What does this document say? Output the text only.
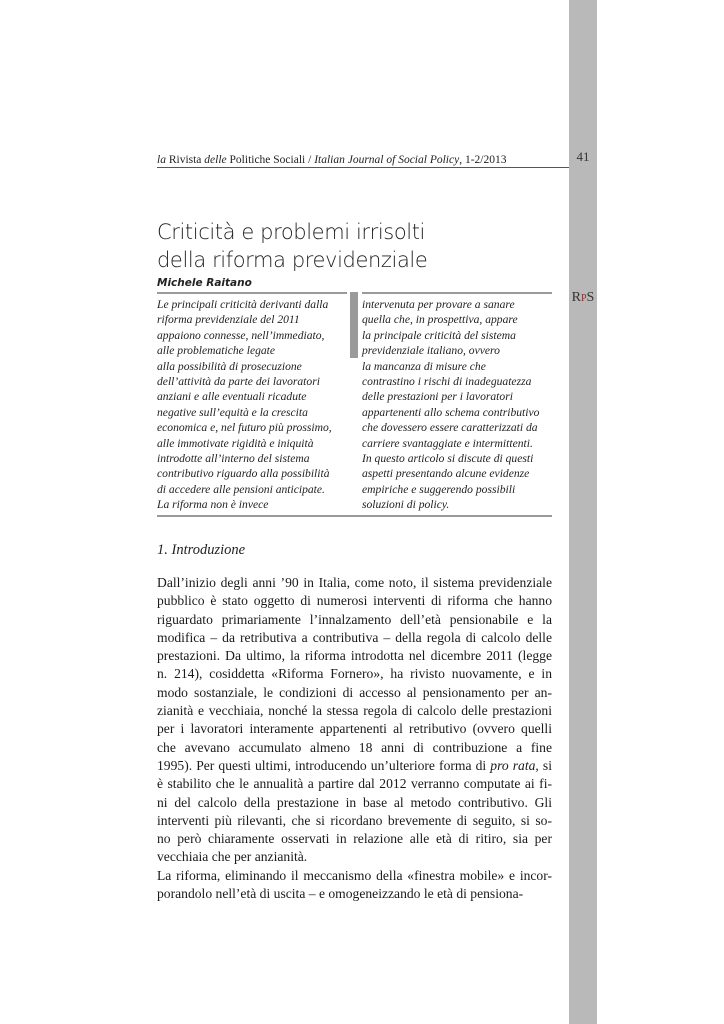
41
RPS
la Rivista delle Politiche Sociali / Italian Journal of Social Policy, 1-2/2013
Criticità e problemi irrisolti
della riforma previdenziale
Michele Raitano
Le principali criticità derivanti dalla
riforma previdenziale del 2011
appaiono connesse, nell’immediato,
alle problematiche legate
alla possibilità di prosecuzione
dell’attività da parte dei lavoratori
anziani e alle eventuali ricadute
negative sull’equità e la crescita
economica e, nel futuro più prossimo,
alle immotivate rigidità e iniquità
introdotte all’interno del sistema
contributivo riguardo alla possibilità
di accedere alle pensioni anticipate.
La riforma non è invece
intervenuta per provare a sanare
quella che, in prospettiva, appare
la principale criticità del sistema
previdenziale italiano, ovvero
la mancanza di misure che
contrastino i rischi di inadeguatezza
delle prestazioni per i lavoratori
appartenenti allo schema contributivo
che dovessero essere caratterizzati da
carriere svantaggiate e intermittenti.
In questo articolo si discute di questi
aspetti presentando alcune evidenze
empiriche e suggerendo possibili
soluzioni di policy.
1. Introduzione
Dall’inizio degli anni ’90 in Italia, come noto, il sistema previdenziale
pubblico è stato oggetto di numerosi interventi di riforma che hanno
riguardato primariamente l’innalzamento dell’età pensionabile e la
modifica – da retributiva a contributiva – della regola di calcolo delle
prestazioni. Da ultimo, la riforma introdotta nel dicembre 2011 (legge
n. 214), cosiddetta «Riforma Fornero», ha rivisto nuovamente, e in
modo sostanziale, le condizioni di accesso al pensionamento per an-
zianità e vecchiaia, nonché la stessa regola di calcolo delle prestazioni
per i lavoratori interamente appartenenti al retributivo (ovvero quelli
che avevano accumulato almeno 18 anni di contribuzione a fine
1995). Per questi ultimi, introducendo un’ulteriore forma di pro rata, si
è stabilito che le annualità a partire dal 2012 verranno computate ai fi-
ni del calcolo della prestazione in base al metodo contributivo. Gli
interventi più rilevanti, che si ricordano brevemente di seguito, si so-
no però chiaramente osservati in relazione alle età di ritiro, sia per
vecchiaia che per anzianità.
La riforma, eliminando il meccanismo della «finestra mobile» e incor-
porandolo nell’età di uscita – e omogeneizzando le età di pensiona-
